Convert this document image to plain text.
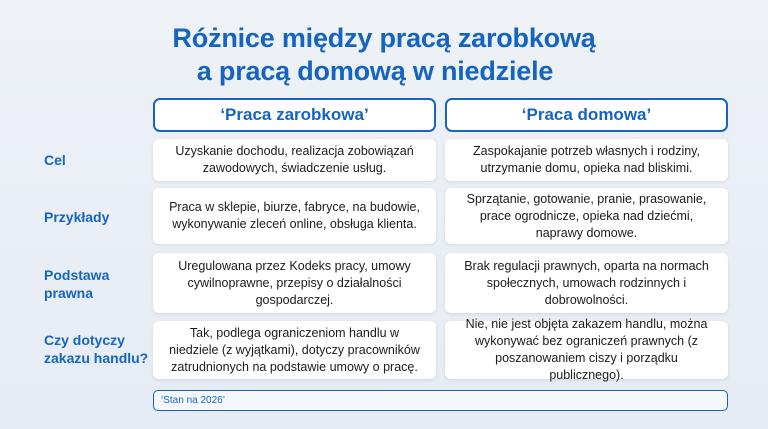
Różnice między pracą zarobkową
a pracą domową w niedziele
‘Praca zarobkowa’	‘Praca domowa’
Cel
Uzyskanie dochodu, realizacja zobowiązań zawodowych, świadczenie usług.
Zaspokajanie potrzeb własnych i rodziny, utrzymanie domu, opieka nad bliskimi.
Przykłady
Praca w sklepie, biurze, fabryce, na budowie, wykonywanie zleceń online, obsługa klienta.
Sprzątanie, gotowanie, pranie, prasowanie, prace ogrodnicze, opieka nad dziećmi, naprawy domowe.
Podstawa prawna
Uregulowana przez Kodeks pracy, umowy cywilnoprawne, przepisy o działalności gospodarczej.
Brak regulacji prawnych, oparta na normach społecznych, umowach rodzinnych i dobrowolności.
Czy dotyczy zakazu handlu?
Tak, podlega ograniczeniom handlu w niedziele (z wyjątkami), dotyczy pracowników zatrudnionych na podstawie umowy o pracę.
Nie, nie jest objęta zakazem handlu, można wykonywać bez ograniczeń prawnych (z poszanowaniem ciszy i porządku publicznego).
‘Stan na 2026’
